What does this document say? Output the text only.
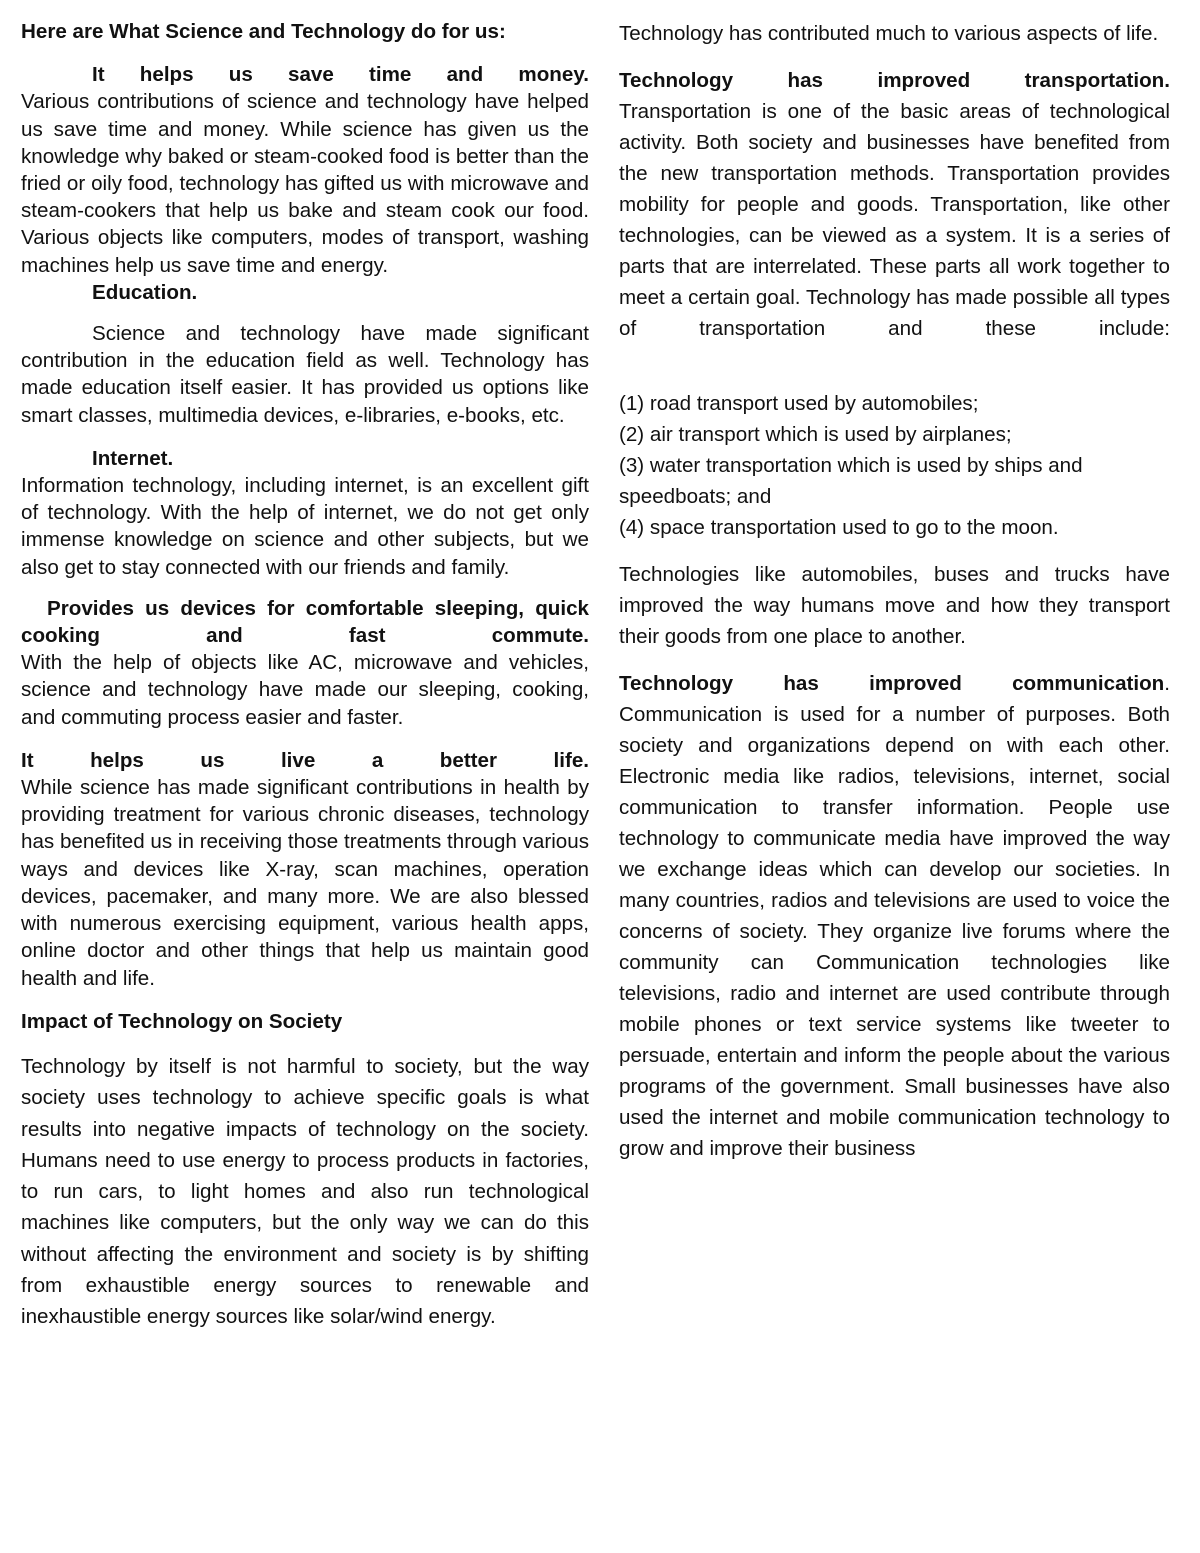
Here are What Science and Technology do for us:

It helps us save time and money.

Various contributions of science and technology have helped us save time and money. While science has given us the knowledge why baked or steam-cooked food is better than the fried or oily food, technology has gifted us with microwave and steam-cookers that help us bake and steam cook our food. Various objects like computers, modes of transport, washing machines help us save time and energy.

Education.

Science and technology have made significant contribution in the education field as well. Technology has made education itself easier. It has provided us options like smart classes, multimedia devices, e-libraries, e-books, etc.

Internet.

Information technology, including internet, is an excellent gift of technology. With the help of internet, we do not get only immense knowledge on science and other subjects, but we also get to stay connected with our friends and family.

Provides us devices for comfortable sleeping, quick cooking and fast commute.

With the help of objects like AC, microwave and vehicles, science and technology have made our sleeping, cooking, and commuting process easier and faster.

It helps us live a better life.

While science has made significant contributions in health by providing treatment for various chronic diseases, technology has benefited us in receiving those treatments through various ways and devices like X-ray, scan machines, operation devices, pacemaker, and many more. We are also blessed with numerous exercising equipment, various health apps, online doctor and other things that help us maintain good health and life.

Impact of Technology on Society

Technology by itself is not harmful to society, but the way society uses technology to achieve specific goals is what results into negative impacts of technology on the society. Humans need to use energy to process products in factories, to run cars, to light homes and also run technological machines like computers, but the only way we can do this without affecting the environment and society is by shifting from exhaustible energy sources to renewable and inexhaustible energy sources like solar/wind energy.

Technology has contributed much to various aspects of life.

Technology has improved transportation.

Transportation is one of the basic areas of technological activity. Both society and businesses have benefited from the new transportation methods. Transportation provides mobility for people and goods. Transportation, like other technologies, can be viewed as a system. It is a series of parts that are interrelated. These parts all work together to meet a certain goal. Technology has made possible all types of transportation and these include:

(1) road transport used by automobiles;

(2) air transport which is used by airplanes;

(3) water transportation which is used by ships and speedboats; and

(4) space transportation used to go to the moon.

Technologies like automobiles, buses and trucks have improved the way humans move and how they transport their goods from one place to another.

Technology has improved communication.

Communication is used for a number of purposes. Both society and organizations depend on with each other. Electronic media like radios, televisions, internet, social communication to transfer information. People use technology to communicate media have improved the way we exchange ideas which can develop our societies. In many countries, radios and televisions are used to voice the concerns of society. They organize live forums where the community can Communication technologies like televisions, radio and internet are used contribute through mobile phones or text service systems like tweeter to persuade, entertain and inform the people about the various programs of the government. Small businesses have also used the internet and mobile communication technology to grow and improve their business
